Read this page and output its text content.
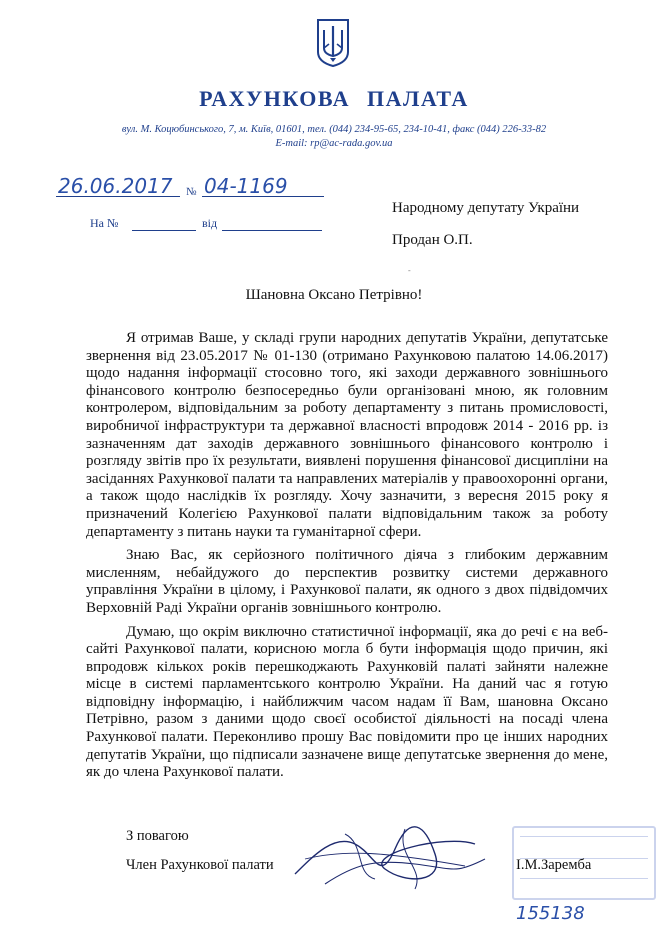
РАХУНКОВА ПАЛАТА
вул. М. Коцюбинського, 7, м. Київ, 01601, тел. (044) 234-95-65, 234-10-41, факс (044) 226-33-82
E-mail: rp@ac-rada.gov.ua
26.06.2017 № 04-1169
На №	від
Народному депутату України
Продан О.П.
-
Шановна Оксано Петрівно!

Я отримав Ваше, у складі групи народних депутатів України, депутатське звернення від 23.05.2017 № 01-130 (отримано Рахунковою палатою 14.06.2017) щодо надання інформації стосовно того, які заходи державного зовнішнього фінансового контролю безпосередньо були організовані мною, як головним контролером, відповідальним за роботу департаменту з питань промисловості, виробничої інфраструктури та державної власності впродовж 2014 - 2016 рр. із зазначенням дат заходів державного зовнішнього фінансового контролю і розгляду звітів про їх результати, виявлені порушення фінансової дисципліни на засіданнях Рахункової палати та направлених матеріалів у правоохоронні органи, а також щодо наслідків їх розгляду. Хочу зазначити, з вересня 2015 року я призначений Колегією Рахункової палати відповідальним також за роботу департаменту з питань науки та гуманітарної сфери.

Знаю Вас, як серйозного політичного діяча з глибоким державним мисленням, небайдужого до перспектив розвитку системи державного управління України в цілому, і Рахункової палати, як одного з двох підвідомчих Верховній Раді України органів зовнішнього контролю.

Думаю, що окрім виключно статистичної інформації, яка до речі є на веб-сайті Рахункової палати, корисною могла б бути інформація щодо причин, які впродовж кількох років перешкоджають Рахунковій палаті зайняти належне місце в системі парламентського контролю України. На даний час я готую відповідну інформацію, і найближчим часом надам її Вам, шановна Оксано Петрівно, разом з даними щодо своєї особистої діяльності на посаді члена Рахункової палати. Переконливо прошу Вас повідомити про це інших народних депутатів України, що підписали зазначене вище депутатське звернення до мене, як до члена Рахункової палати.

З повагою
Член Рахункової палати	І.М.Заремба
155138
